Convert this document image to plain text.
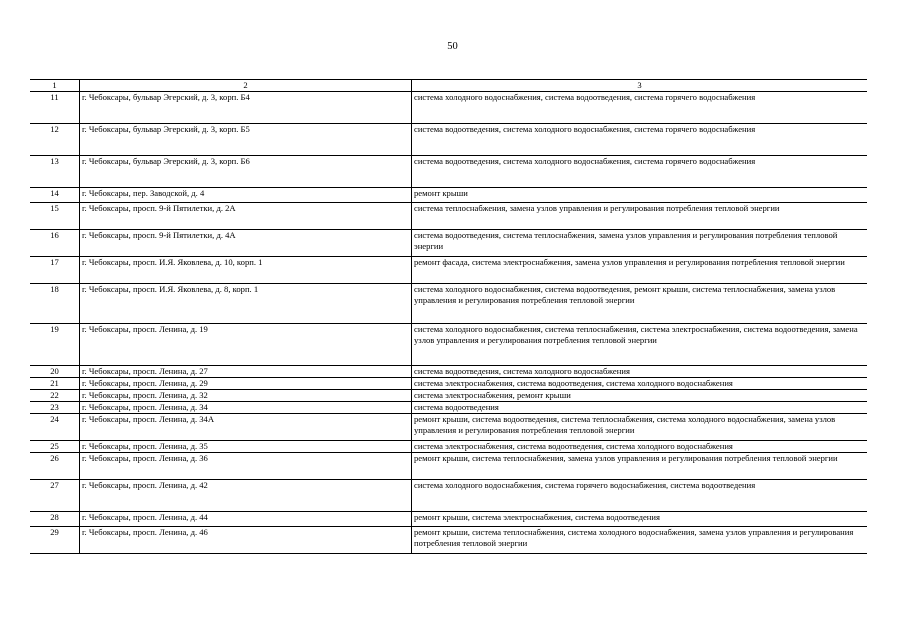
50
1	2	3
11	г. Чебоксары, бульвар Эгерский, д. 3, корп. Б4	система холодного водоснабжения, система водоотведения, система горячего водоснабжения
12	г. Чебоксары, бульвар Эгерский, д. 3, корп. Б5	система водоотведения, система холодного водоснабжения, система горячего водоснабжения
13	г. Чебоксары, бульвар Эгерский, д. 3, корп. Б6	система водоотведения, система холодного водоснабжения, система горячего водоснабжения
14	г. Чебоксары, пер. Заводской, д. 4	ремонт крыши
15	г. Чебоксары, просп. 9-й Пятилетки, д. 2А	система теплоснабжения, замена узлов управления и регулирования потребления тепловой энергии
16	г. Чебоксары, просп. 9-й Пятилетки, д. 4А	система водоотведения, система теплоснабжения, замена узлов управления и регулирования потребления тепловой энергии
17	г. Чебоксары, просп. И.Я. Яковлева, д. 10, корп. 1	ремонт фасада, система электроснабжения, замена узлов управления и регулирования потребления тепловой энергии
18	г. Чебоксары, просп. И.Я. Яковлева, д. 8, корп. 1	система холодного водоснабжения, система водоотведения, ремонт крыши, система теплоснабжения, замена узлов управления и регулирования потребления тепловой энергии
19	г. Чебоксары, просп. Ленина, д. 19	система холодного водоснабжения, система теплоснабжения, система электроснабжения, система водоотведения, замена узлов управления и регулирования потребления тепловой энергии
20	г. Чебоксары, просп. Ленина, д. 27	система водоотведения, система холодного водоснабжения
21	г. Чебоксары, просп. Ленина, д. 29	система электроснабжения, система водоотведения, система холодного водоснабжения
22	г. Чебоксары, просп. Ленина, д. 32	система электроснабжения, ремонт крыши
23	г. Чебоксары, просп. Ленина, д. 34	система водоотведения
24	г. Чебоксары, просп. Ленина, д. 34А	ремонт крыши, система водоотведения, система теплоснабжения, система холодного водоснабжения, замена узлов управления и регулирования потребления тепловой энергии
25	г. Чебоксары, просп. Ленина, д. 35	система электроснабжения, система водоотведения, система холодного водоснабжения
26	г. Чебоксары, просп. Ленина, д. 36	ремонт крыши, система теплоснабжения, замена узлов управления и регулирования потребления тепловой энергии
27	г. Чебоксары, просп. Ленина, д. 42	система холодного водоснабжения, система горячего водоснабжения, система водоотведения
28	г. Чебоксары, просп. Ленина, д. 44	ремонт крыши, система электроснабжения, система водоотведения
29	г. Чебоксары, просп. Ленина, д. 46	ремонт крыши, система теплоснабжения, система холодного водоснабжения, замена узлов управления и регулирования потребления тепловой энергии
